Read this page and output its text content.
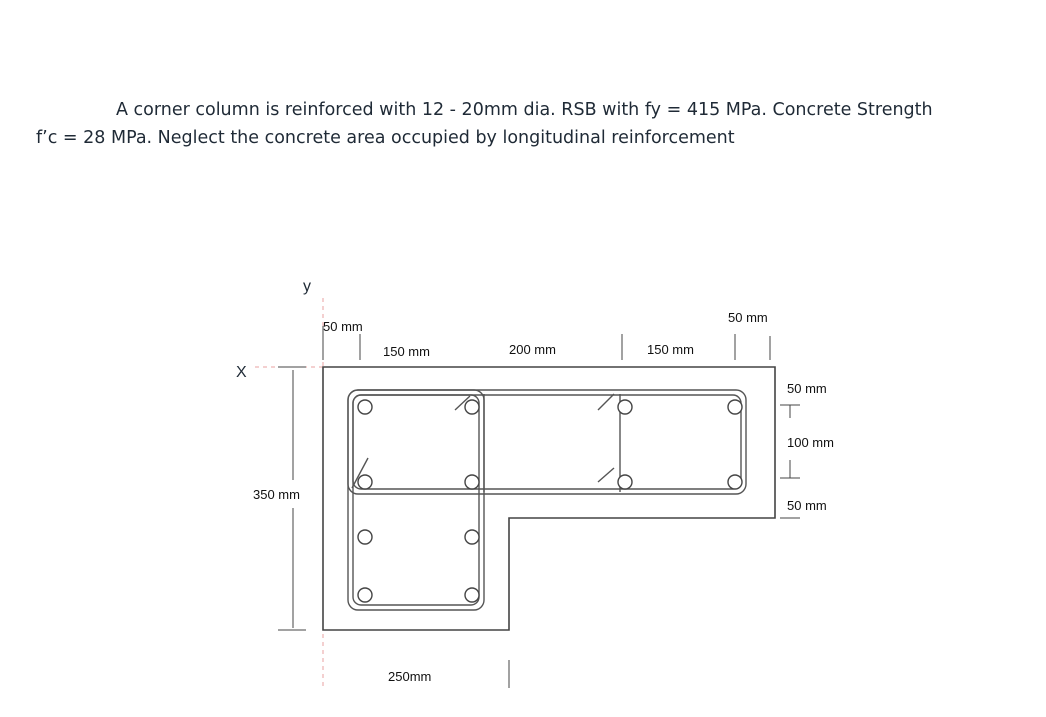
A corner column is reinforced with 12 - 20mm dia. RSB with fy = 415 MPa. Concrete Strength
f’c = 28 MPa. Neglect the concrete area occupied by longitudinal reinforcement
X
y
50 mm
150 mm	200 mm	150 mm
50 mm
50 mm
100 mm
50 mm
350 mm
250mm
